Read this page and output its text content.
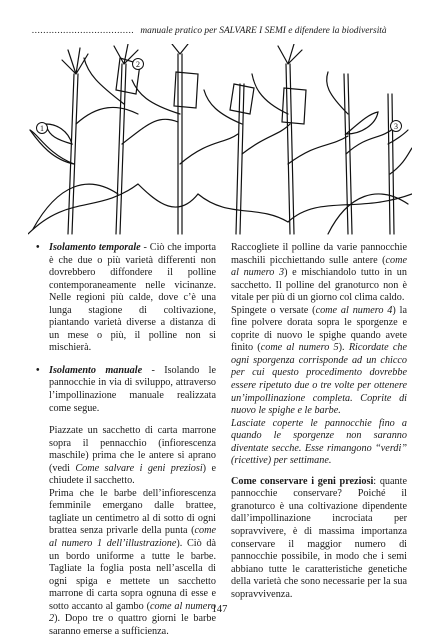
.................................... manuale pratico per SALVARE I SEMI e difendere la biodiversità
1
2
3

• Isolamento temporale - Ciò che importa è che due o più varietà differenti non dovrebbero diffondere il polline contemporaneamente nelle vicinanze. Nelle regioni più calde, dove c’è una lunga stagione di coltivazione, piantando varietà diverse a distanza di un mese o più, il polline non si mischierà.

• Isolamento manuale - Isolando le pannocchie in via di sviluppo, attraverso l’impollinazione manuale realizzata come segue.

Piazzate un sacchetto di carta marrone sopra il pennacchio (infiorescenza maschile) prima che le antere si aprano (vedi Come salvare i geni preziosi) e chiudete il sacchetto.

Prima che le barbe dell’infiorescenza femminile emergano dalle brattee, tagliate un centimetro al di sotto di ogni brattea senza privarle della punta (come al numero 1 dell’illustrazione). Ciò dà un bordo uniforme a tutte le barbe. Tagliate la foglia posta nell’ascella di ogni spiga e mettete un sacchetto marrone di carta sopra ognuna di esse e sotto accanto al gambo (come al numero 2). Dopo tre o quattro giorni le barbe saranno emerse a sufficienza.

Raccogliete il polline da varie pannocchie maschili picchiettando sulle antere (come al numero 3) e mischiandolo tutto in un sacchetto. Il polline del granoturco non è vitale per più di un giorno col clima caldo.

Spingete o versate (come al numero 4) la fine polvere dorata sopra le sporgenze e coprite di nuovo le spighe quando avete finito (come al numero 5). Ricordate che ogni sporgenza corrisponde ad un chicco per cui questo procedimento dovrebbe essere ripetuto due o tre volte per ottenere un’impollinazione completa. Coprite di nuovo le spighe e le barbe.

Lasciate coperte le pannocchie fino a quando le sporgenze non saranno diventate secche. Esse rimangono “verdi” (ricettive) per settimane.

Come conservare i geni preziosi: quante pannocchie conservare? Poiché il granoturco è una coltivazione dipendente dall’impollinazione incrociata per sopravvivere, è di massima importanza conservare il maggior numero di pannocchie possibile, in modo che i semi abbiano tutte le caratteristiche genetiche della varietà che sono necessarie per la sua sopravvivenza.

147
